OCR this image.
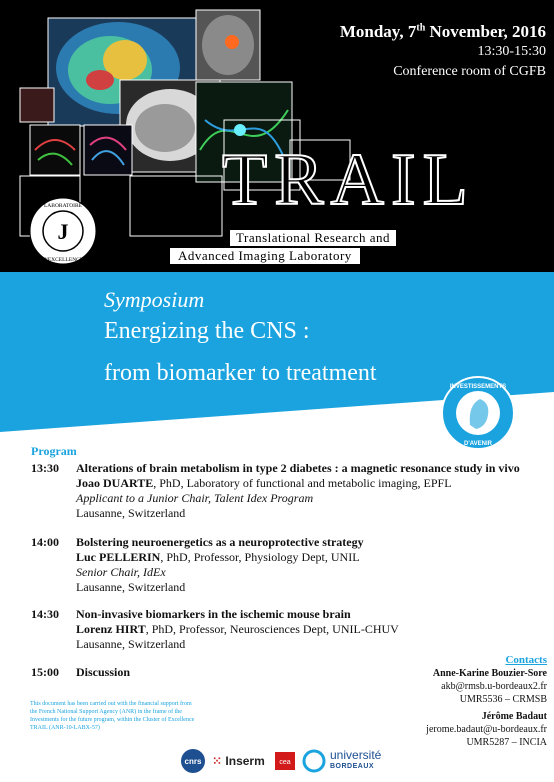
Monday, 7th November, 2016
13:30-15:30
Conference room of CGFB
TRAIL
Translational Research and
Advanced Imaging Laboratory
J
LABORATOIRE
D'EXCELLENCE
Symposium
Energizing the CNS :
from biomarker to treatment
INVESTISSEMENTS
D'AVENIR
Program
13:30	Alterations of brain metabolism in type 2 diabetes : a magnetic resonance study in vivo
Joao DUARTE, PhD, Laboratory of functional and metabolic imaging, EPFL
Applicant to a Junior Chair, Talent Idex Program
Lausanne, Switzerland
14:00	Bolstering neuroenergetics as a neuroprotective strategy
Luc PELLERIN, PhD, Professor, Physiology Dept, UNIL
Senior Chair, IdEx
Lausanne, Switzerland
14:30	Non-invasive biomarkers in the ischemic mouse brain
Lorenz HIRT, PhD, Professor, Neurosciences Dept, UNIL-CHUV
Lausanne, Switzerland
15:00	Discussion
Contacts
Anne-Karine Bouzier-Sore
akb@rmsb.u-bordeaux2.fr
UMR5536 – CRMSB
Jérôme Badaut
jerome.badaut@u-bordeaux.fr
UMR5287 – INCIA
This document has been carried out with the financial support from the French National Support Agency (ANR) in the frame of the Investments for the future program, within the Cluster of Excellence TRAIL (ANR-10-LABX-57)
cnrs ⁙ Inserm cea
université
BORDEAUX
